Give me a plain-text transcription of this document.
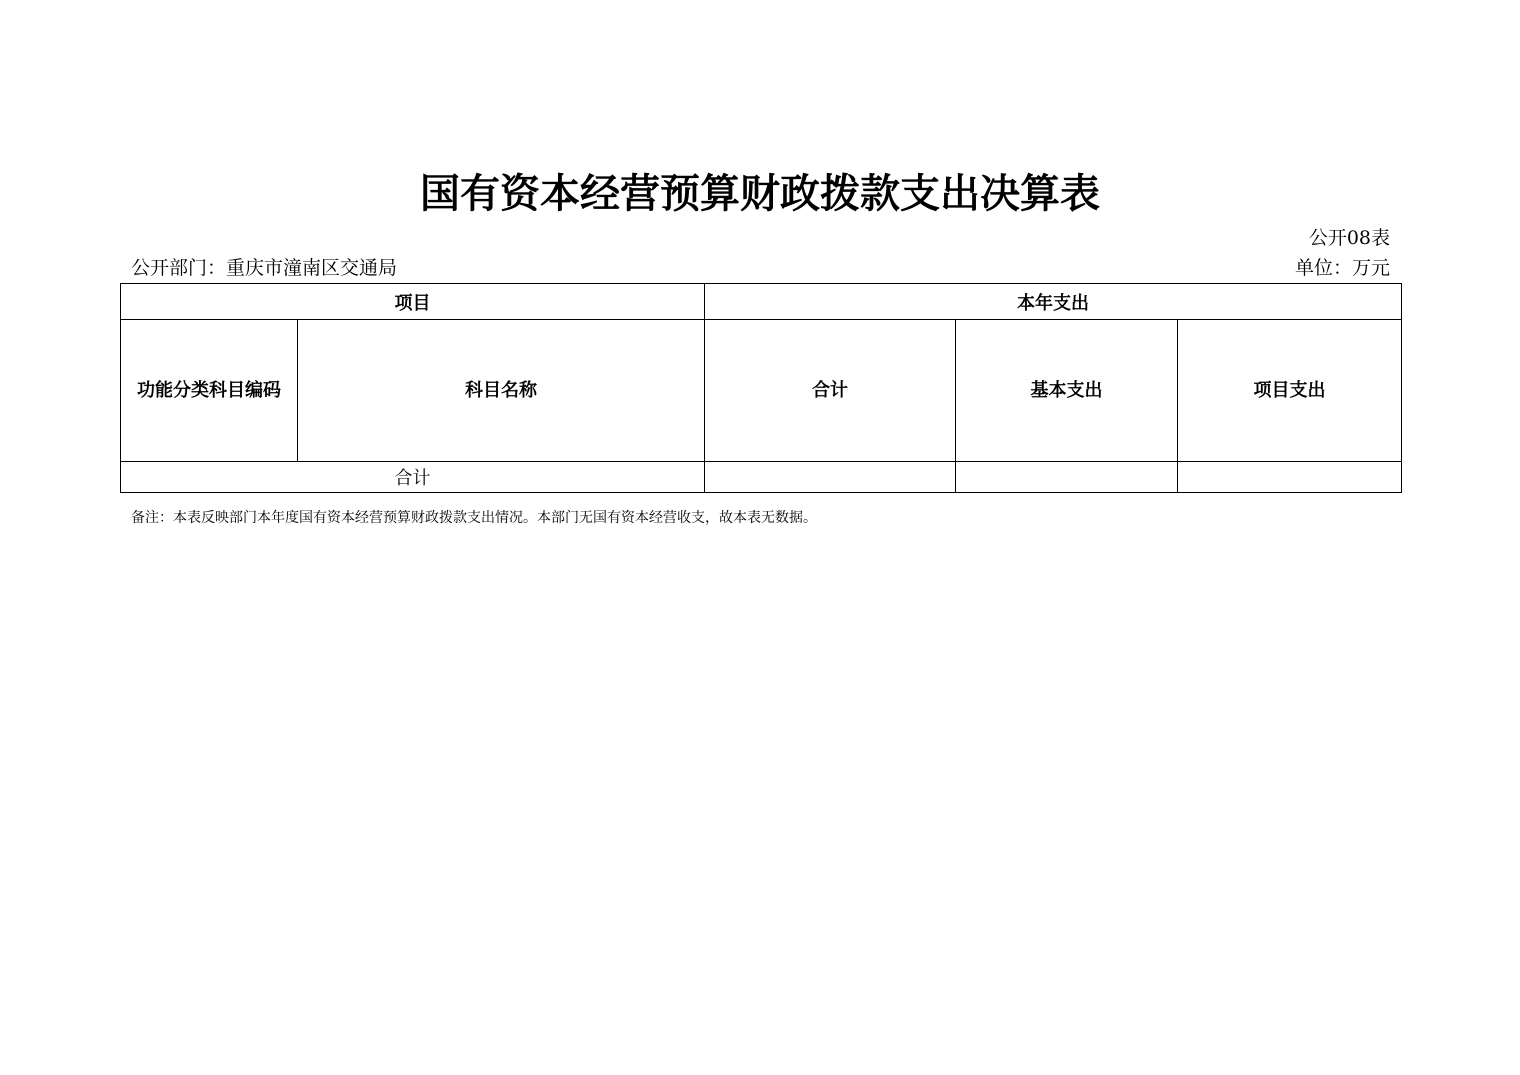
国有资本经营预算财政拨款支出决算表
公开08表
公开部门：重庆市潼南区交通局	单位：万元
项目		本年支出		
功能分类科目编码	科目名称	合计	基本支出	项目支出
合计				
备注：本表反映部门本年度国有资本经营预算财政拨款支出情况。本部门无国有资本经营收支，故本表无数据。
